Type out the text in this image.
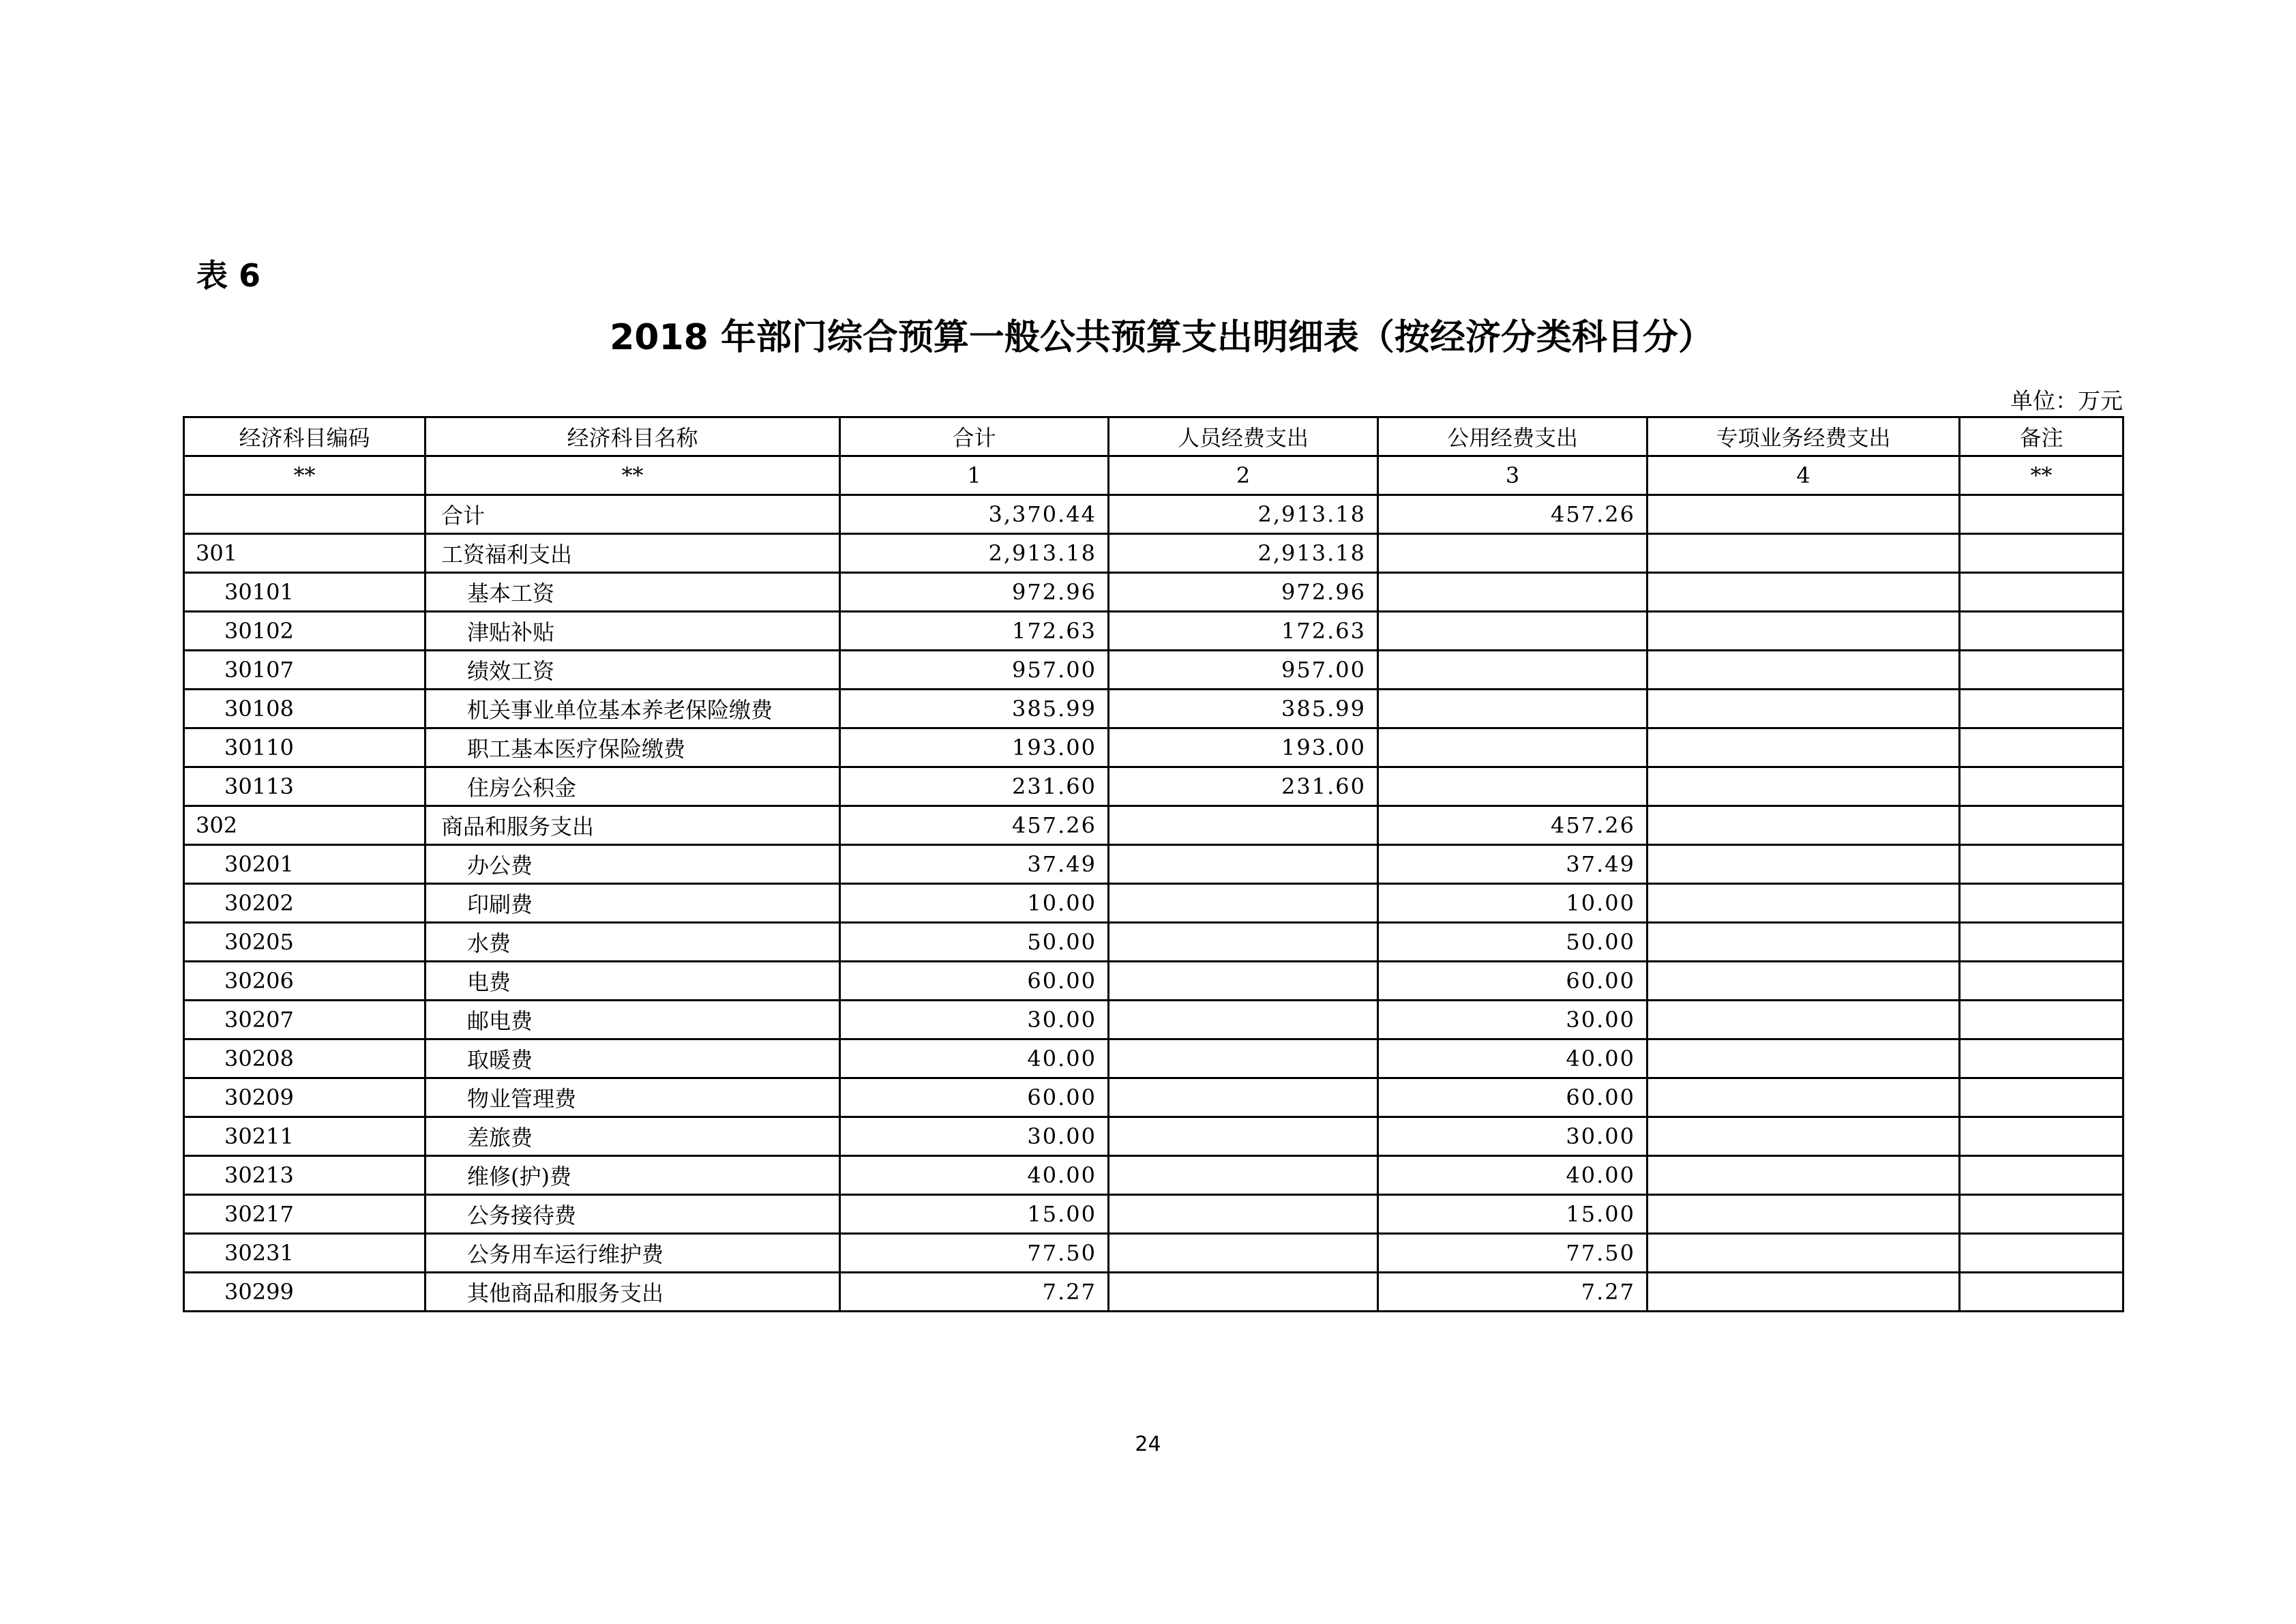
表 6
2018 年部门综合预算一般公共预算支出明细表（按经济分类科目分）
单位：万元
经济科目编码	经济科目名称	合计	人员经费支出	公用经费支出	专项业务经费支出	备注
**	**	1	2	3	4	**
	合计	3,370.44	2,913.18	457.26		
301	工资福利支出	2,913.18	2,913.18			
30101	基本工资	972.96	972.96			
30102	津贴补贴	172.63	172.63			
30107	绩效工资	957.00	957.00			
30108	机关事业单位基本养老保险缴费	385.99	385.99			
30110	职工基本医疗保险缴费	193.00	193.00			
30113	住房公积金	231.60	231.60			
302	商品和服务支出	457.26		457.26		
30201	办公费	37.49		37.49		
30202	印刷费	10.00		10.00		
30205	水费	50.00		50.00		
30206	电费	60.00		60.00		
30207	邮电费	30.00		30.00		
30208	取暖费	40.00		40.00		
30209	物业管理费	60.00		60.00		
30211	差旅费	30.00		30.00		
30213	维修(护)费	40.00		40.00		
30217	公务接待费	15.00		15.00		
30231	公务用车运行维护费	77.50		77.50		
30299	其他商品和服务支出	7.27		7.27		
24
